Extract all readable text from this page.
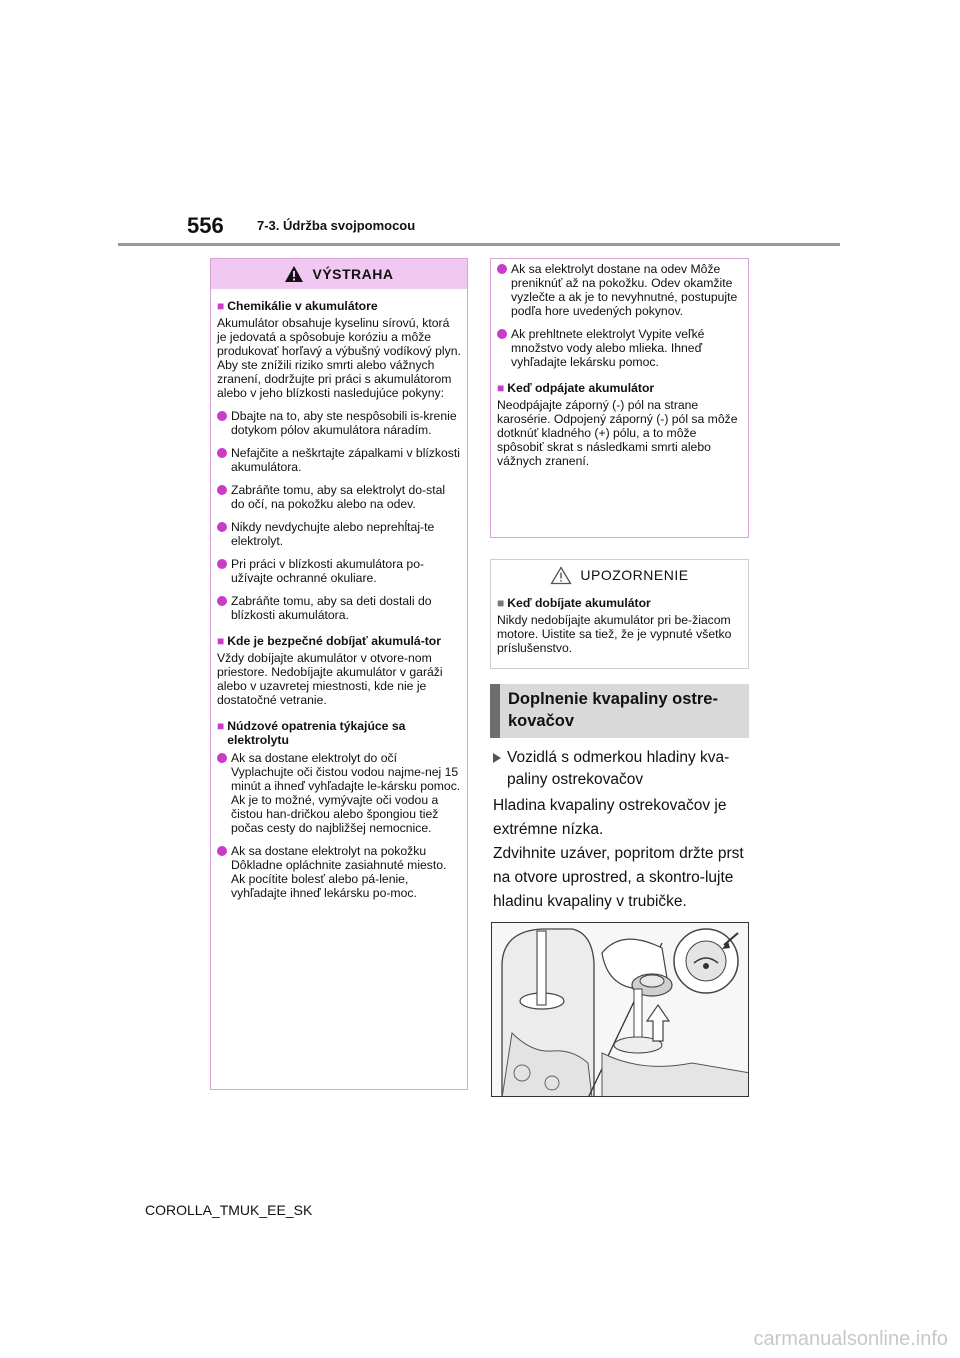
556	7-3. Údržba svojpomocou
VÝSTRAHA
■ Chemikálie v akumulátore
Akumulátor obsahuje kyselinu sírovú, ktorá je jedovatá a spôsobuje koróziu a môže produkovať horľavý a výbušný vodíkový plyn. Aby ste znížili riziko smrti alebo vážnych zranení, dodržujte pri práci s akumulátorom alebo v jeho blízkosti nasledujúce pokyny:
Dbajte na to, aby ste nespôsobili is-krenie dotykom pólov akumulátora náradím.
Nefajčite a neškrtajte zápalkami v blízkosti akumulátora.
Zabráňte tomu, aby sa elektrolyt do-stal do očí, na pokožku alebo na odev.
Nikdy nevdychujte alebo neprehĺtaj-te elektrolyt.
Pri práci v blízkosti akumulátora po-užívajte ochranné okuliare.
Zabráňte tomu, aby sa deti dostali do blízkosti akumulátora.
■ Kde je bezpečné dobíjať akumulá-tor
Vždy dobíjajte akumulátor v otvore-nom priestore. Nedobíjajte akumulátor v garáži alebo v uzavretej miestnosti, kde nie je dostatočné vetranie.
■ Núdzové opatrenia týkajúce sa elektrolytu
Ak sa dostane elektrolyt do očí Vyplachujte oči čistou vodou najme-nej 15 minút a ihneď vyhľadajte le-kársku pomoc. Ak je to možné, vymývajte oči vodou a čistou han-dričkou alebo špongiou tiež počas cesty do najbližšej nemocnice.
Ak sa dostane elektrolyt na pokožku Dôkladne opláchnite zasiahnuté miesto. Ak pocítite bolesť alebo pá-lenie, vyhľadajte ihneď lekársku po-moc.
Ak sa elektrolyt dostane na odev Môže preniknúť až na pokožku. Odev okamžite vyzlečte a ak je to nevyhnutné, postupujte podľa hore uvedených pokynov.
Ak prehltnete elektrolyt Vypite veľké množstvo vody alebo mlieka. Ihneď vyhľadajte lekársku pomoc.
■ Keď odpájate akumulátor
Neodpájajte záporný (-) pól na strane karosérie. Odpojený záporný (-) pól sa môže dotknúť kladného (+) pólu, a to môže spôsobiť skrat s následkami smrti alebo vážnych zranení.
UPOZORNENIE
■ Keď dobíjate akumulátor
Nikdy nedobíjajte akumulátor pri be-žiacom motore. Uistite sa tiež, že je vypnuté všetko príslušenstvo.
Doplnenie kvapaliny ostre-kovačov
Vozidlá s odmerkou hladiny kva-paliny ostrekovačov
Hladina kvapaliny ostrekovačov je extrémne nízka.
Zdvihnite uzáver, popritom držte prst na otvore uprostred, a skontro-lujte hladinu kvapaliny v trubičke.
COROLLA_TMUK_EE_SK
carmanualsonline.info
